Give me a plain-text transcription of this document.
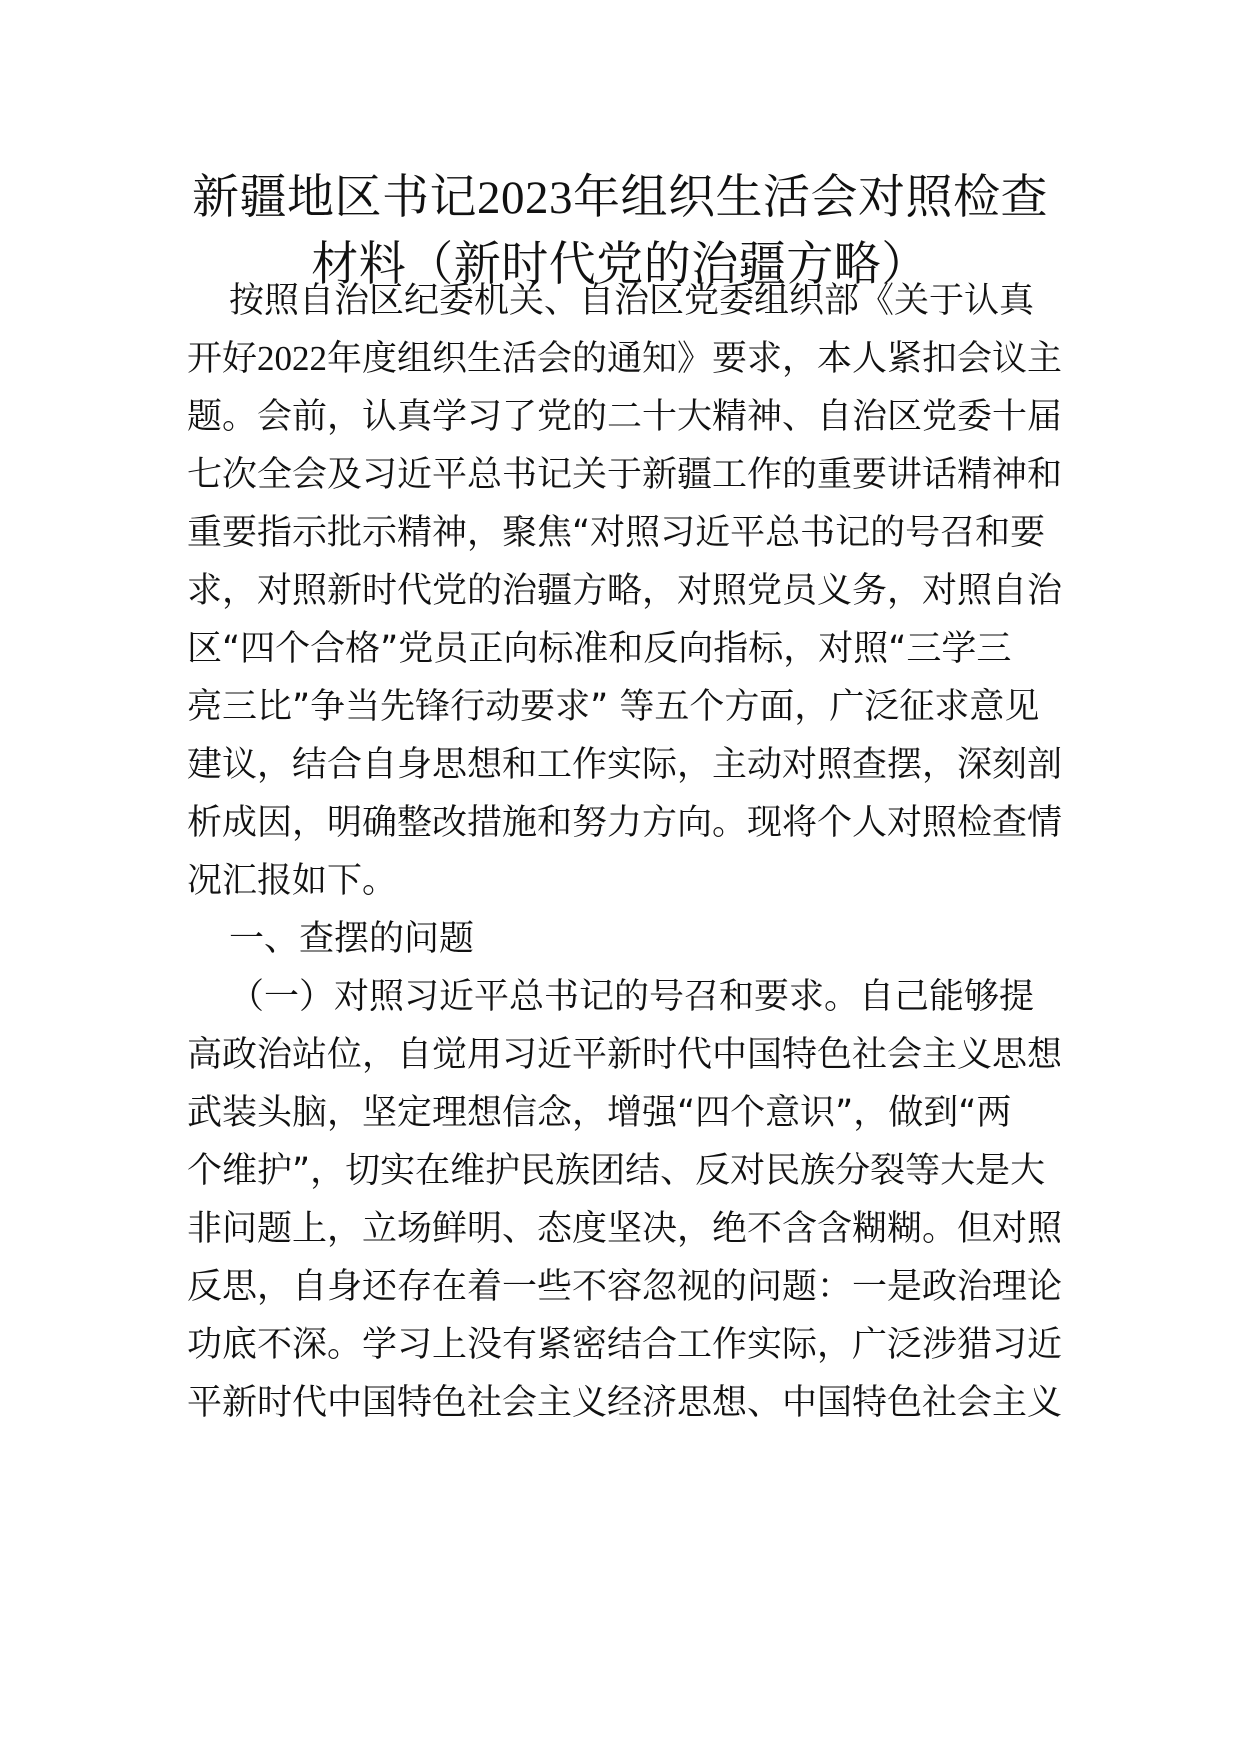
新疆地区书记2023年组织生活会对照检查
材料（新时代党的治疆方略）
按照自治区纪委机关、自治区党委组织部《关于认真
开好2022年度组织生活会的通知》要求，本人紧扣会议主
题。会前，认真学习了党的二十大精神、自治区党委十届
七次全会及习近平总书记关于新疆工作的重要讲话精神和
重要指示批示精神，聚焦“对照习近平总书记的号召和要
求，对照新时代党的治疆方略，对照党员义务，对照自治
区“四个合格”党员正向标准和反向指标，对照“三学三
亮三比”争当先锋行动要求” 等五个方面，广泛征求意见
建议，结合自身思想和工作实际，主动对照查摆，深刻剖
析成因，明确整改措施和努力方向。现将个人对照检查情
况汇报如下。
一、查摆的问题
（一）对照习近平总书记的号召和要求。自己能够提
高政治站位，自觉用习近平新时代中国特色社会主义思想
武装头脑，坚定理想信念，增强“四个意识”，做到“两
个维护”，切实在维护民族团结、反对民族分裂等大是大
非问题上，立场鲜明、态度坚决，绝不含含糊糊。但对照
反思，自身还存在着一些不容忽视的问题：一是政治理论
功底不深。学习上没有紧密结合工作实际，广泛涉猎习近
平新时代中国特色社会主义经济思想、中国特色社会主义
